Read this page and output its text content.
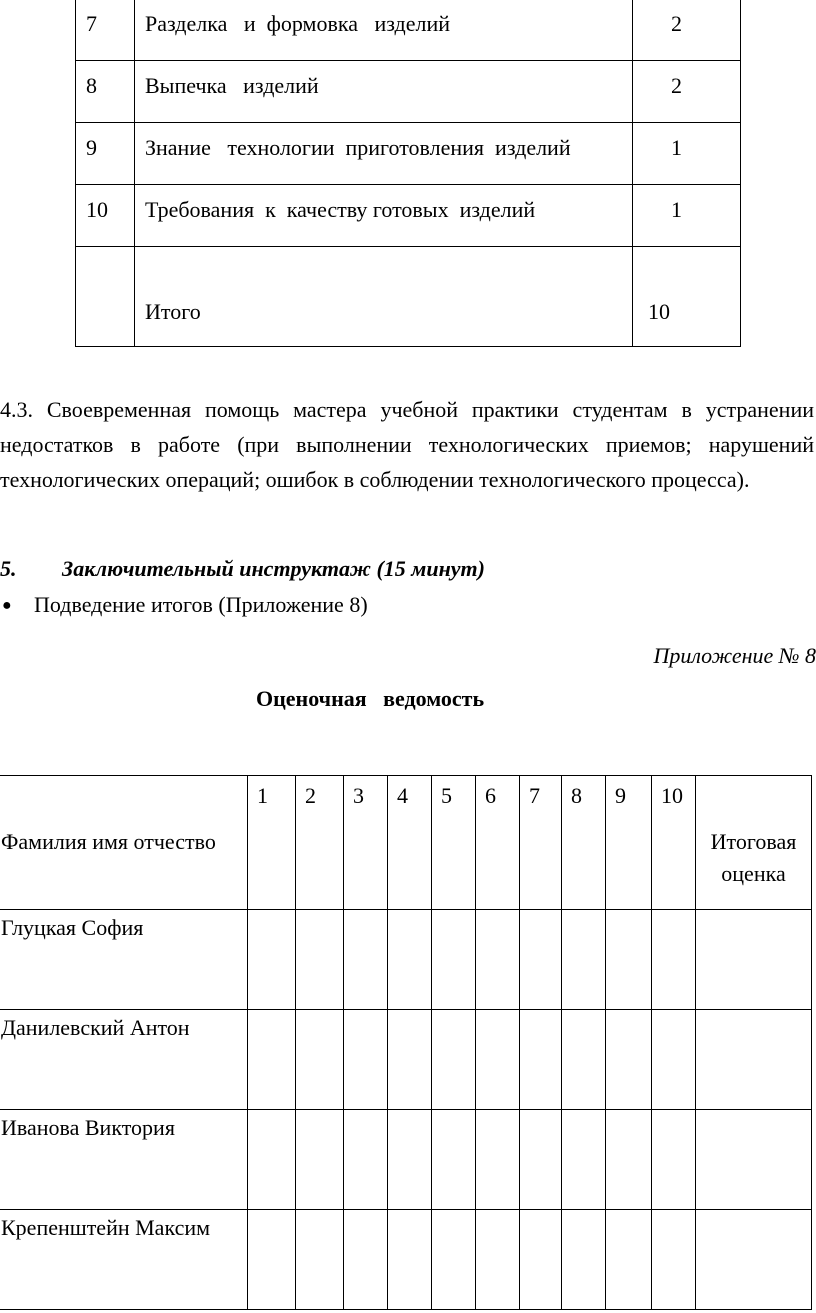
7	Разделка   и  формовка   изделий	2
8	Выпечка   изделий	2
9	Знание   технологии  приготовления  изделий	1
10	Требования  к  качеству готовых  изделий	1
	Итого	10

4.3. Своевременная помощь мастера учебной практики студентам в устранении недостатков в работе (при выполнении технологических приемов; нарушений технологических операций; ошибок в соблюдении технологического процесса).

5. Заключительный инструктаж (15 минут)

● Подведение итогов (Приложение 8)

Приложение № 8

Оценочная   ведомость

Фамилия имя отчество	1	2	3	4	5	6	7	8	9	10	Итоговая оценка
Глуцкая София											
Данилевский Антон											
Иванова Виктория											
Крепенштейн Максим											
